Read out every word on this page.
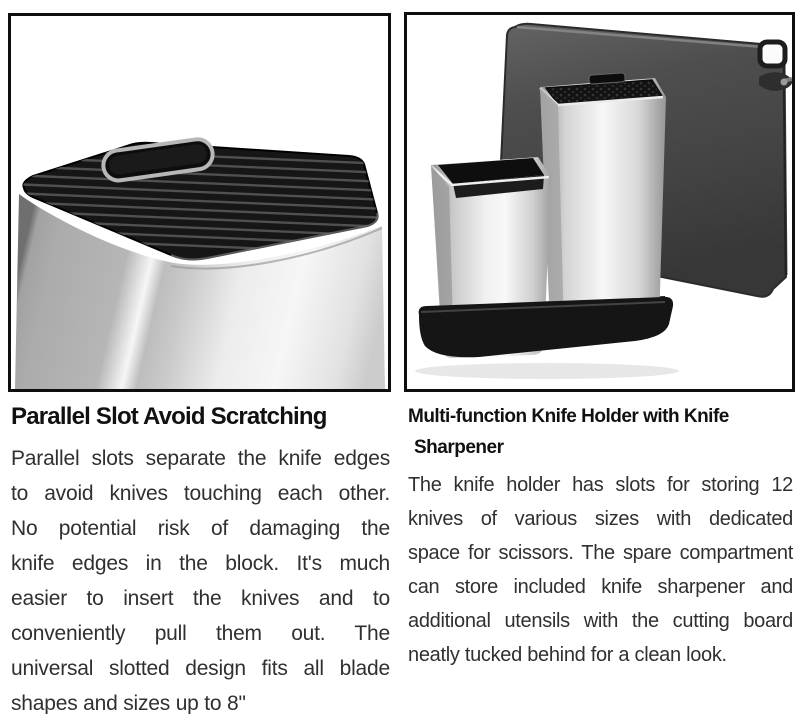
Parallel Slot Avoid Scratching
Parallel slots separate the knife edges
to avoid knives touching each other.
No potential risk of damaging the
knife edges in the block. It's much
easier to insert the knives and to
conveniently pull them out. The
universal slotted design fits all blade
shapes and sizes up to 8"
Multi-function Knife Holder with Knife
Sharpener
The knife holder has slots for storing 12
knives of various sizes with dedicated
space for scissors. The spare compartment
can store included knife sharpener and
additional utensils with the cutting board
neatly tucked behind for a clean look.
